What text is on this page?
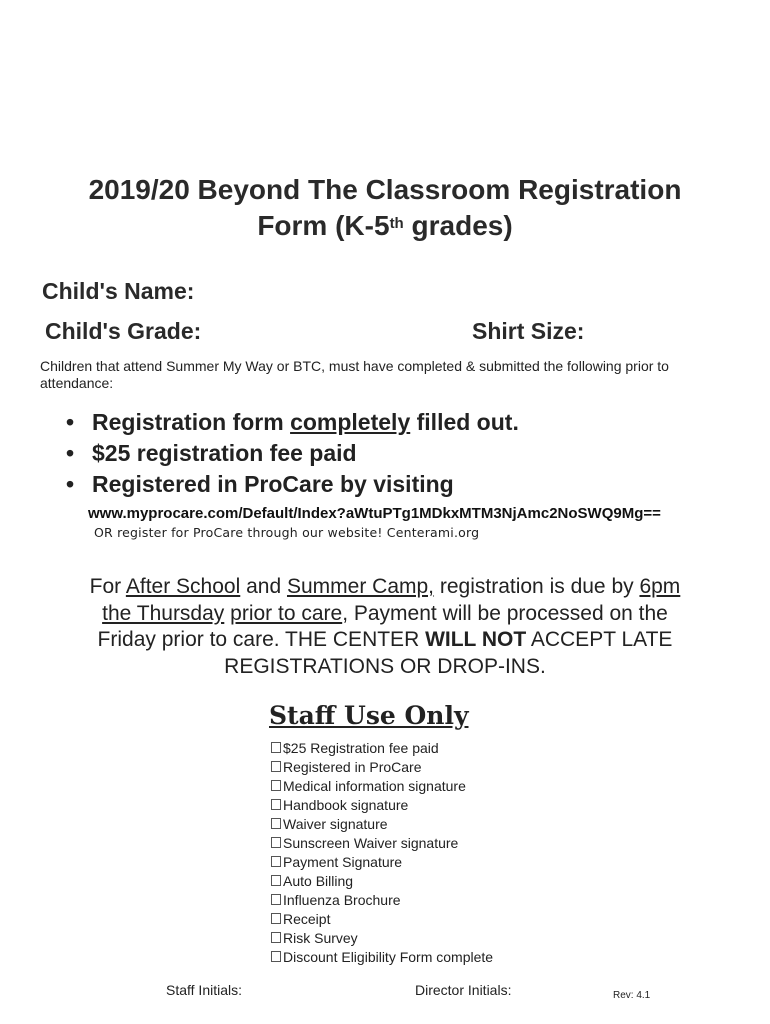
2019/20 Beyond The Classroom Registration
Form (K-5th grades)
Child's Name:
Child's Grade:	Shirt Size:
Children that attend Summer My Way or BTC, must have completed & submitted the following prior to attendance:
• Registration form completely filled out.
• $25 registration fee paid
• Registered in ProCare by visiting
www.myprocare.com/Default/Index?aWtuPTg1MDkxMTM3NjAmc2NoSWQ9Mg==
OR register for ProCare through our website! Centerami.org
For After School and Summer Camp, registration is due by 6pm
the Thursday prior to care, Payment will be processed on the
Friday prior to care. THE CENTER WILL NOT ACCEPT LATE
REGISTRATIONS OR DROP-INS.
Staff Use Only
$25 Registration fee paid
Registered in ProCare
Medical information signature
Handbook signature
Waiver signature
Sunscreen Waiver signature
Payment Signature
Auto Billing
Influenza Brochure
Receipt
Risk Survey
Discount Eligibility Form complete
Staff Initials:	Director Initials:	Rev: 4.1
